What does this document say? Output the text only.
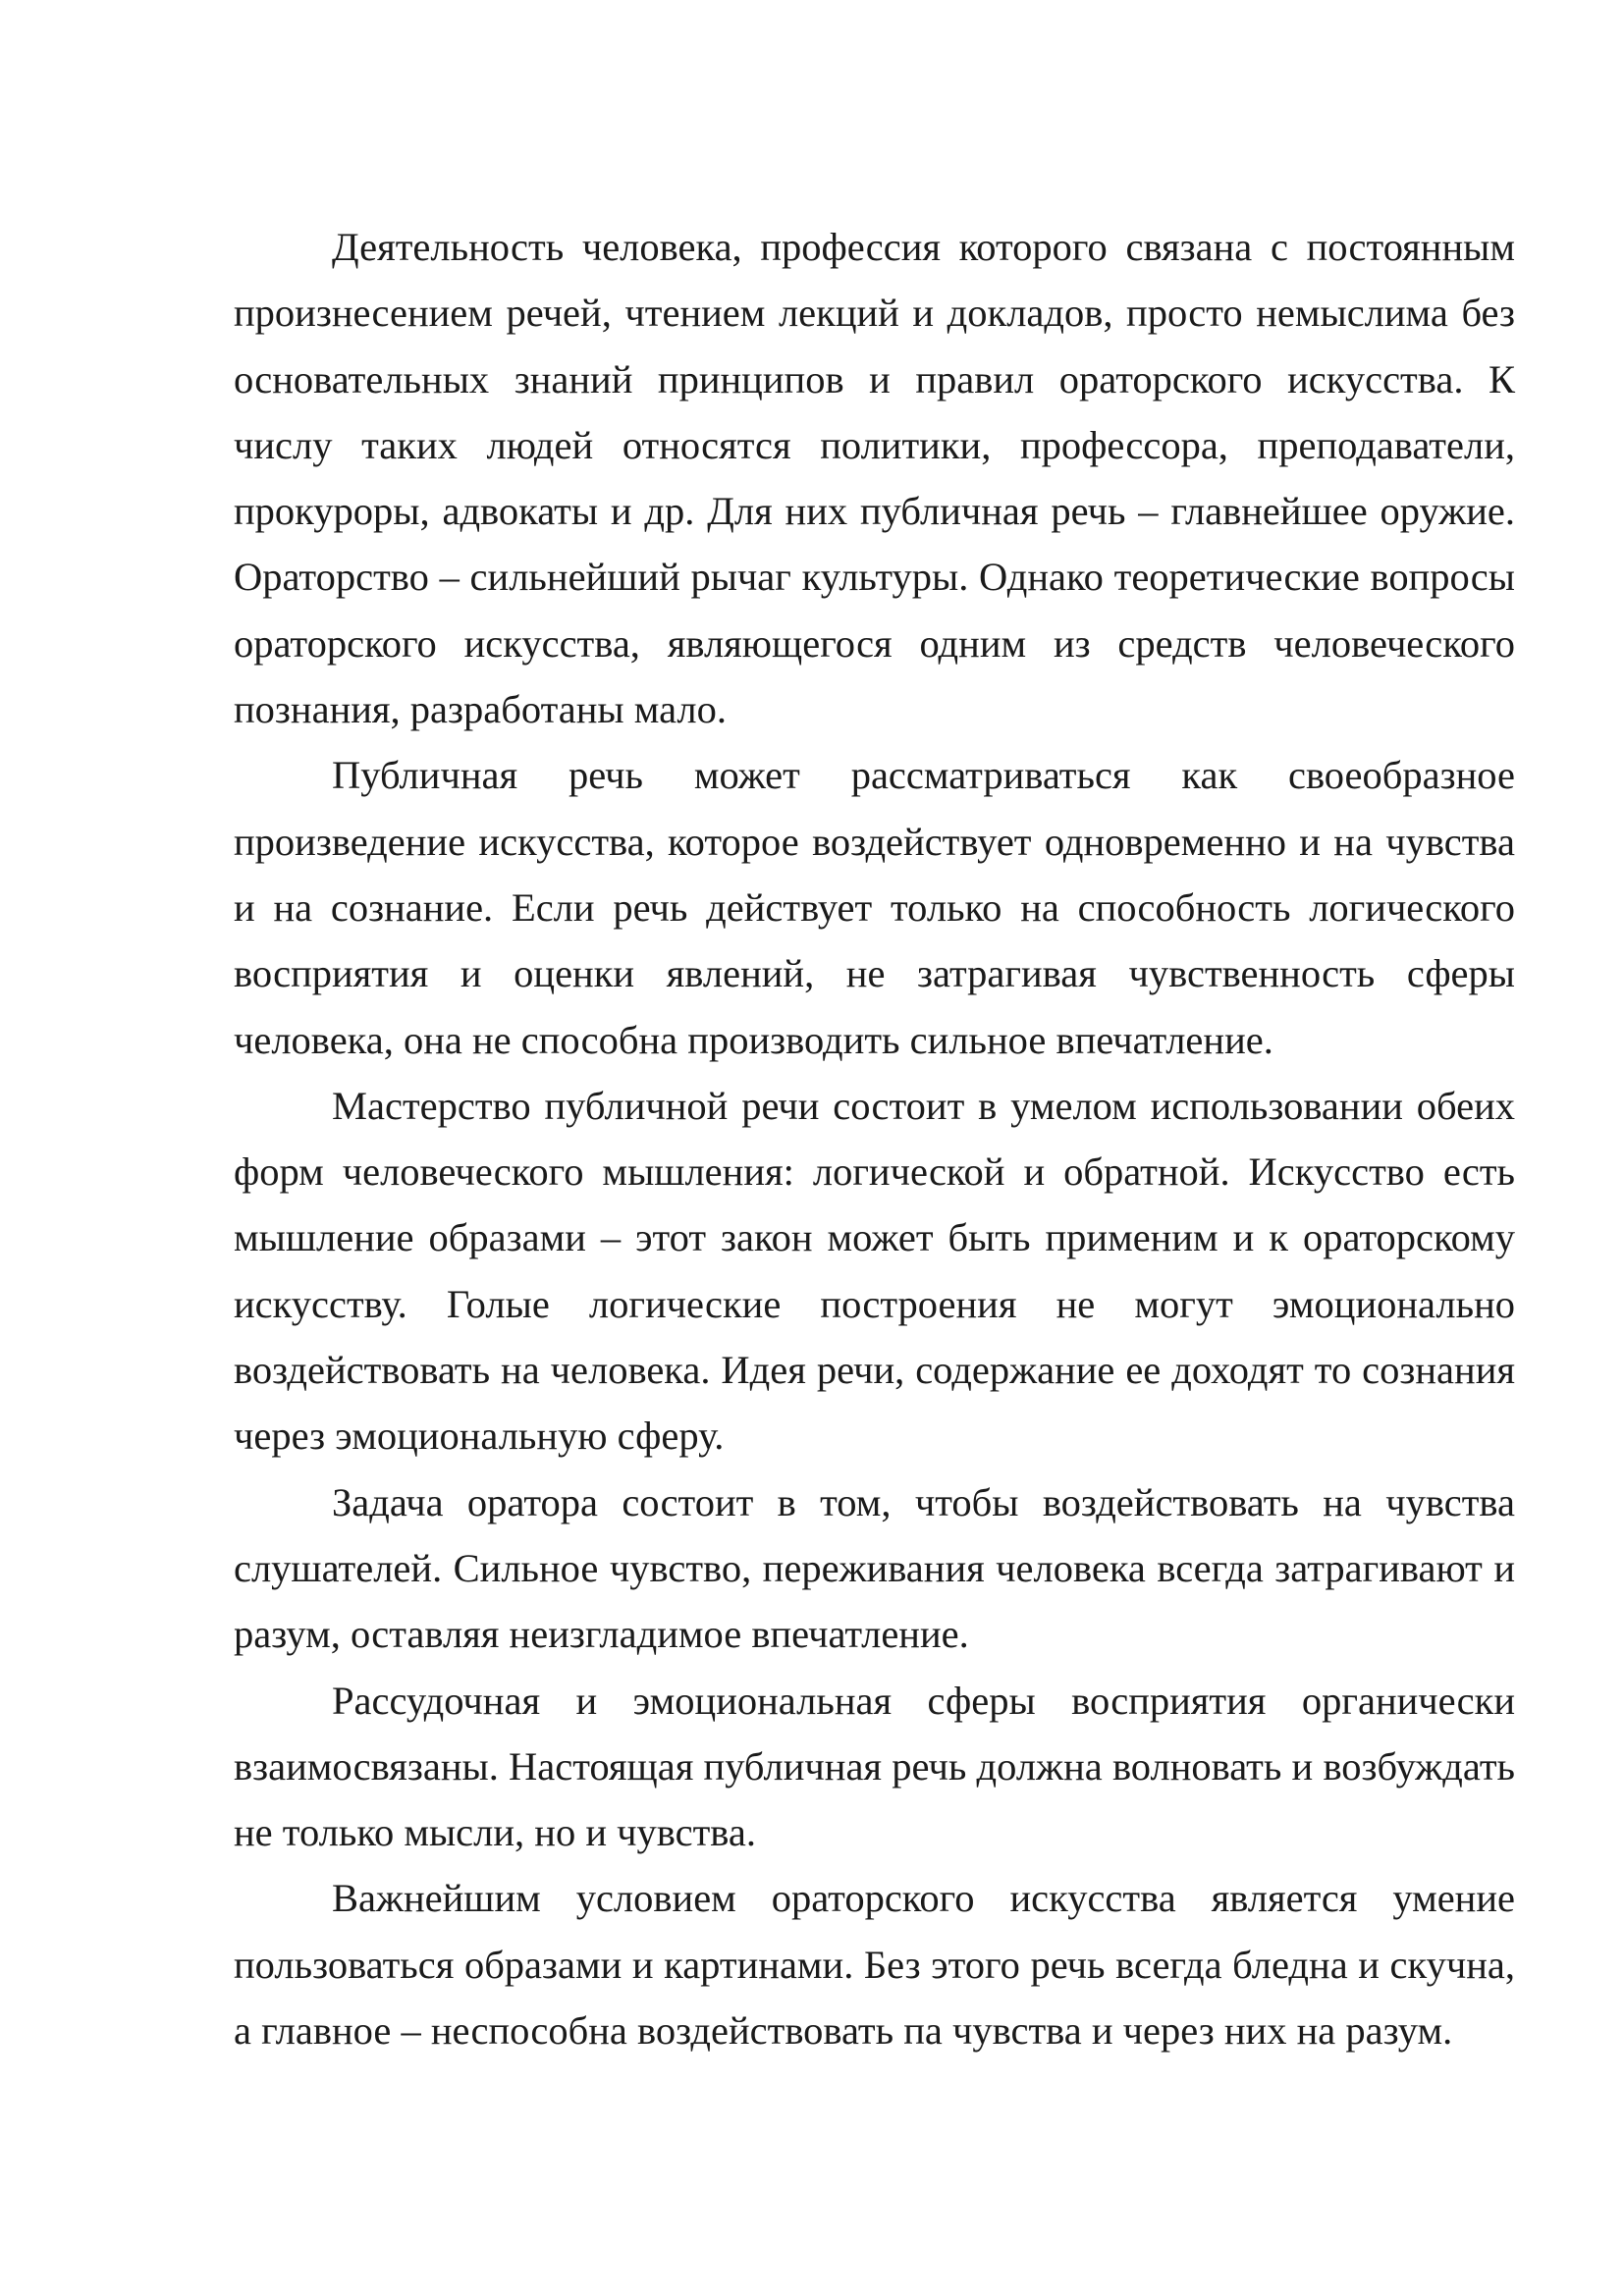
Деятельность человека, профессия которого связана с постоянным произнесением речей, чтением лекций и докладов, просто немыслима без основательных знаний принципов и правил ораторского искусства. К числу таких людей относятся политики, профессора, преподаватели, прокуроры, адвокаты и др. Для них публичная речь – главнейшее оружие. Ораторство – сильнейший рычаг культуры. Однако теоретические вопросы ораторского искусства, являющегося одним из средств человеческого познания, разработаны мало.

Публичная речь может рассматриваться как своеобразное произведение искусства, которое воздействует одновременно и на чувства и на сознание. Если речь действует только на способность логического восприятия и оценки явлений, не затрагивая чувственность сферы человека, она не способна производить сильное впечатление.

Мастерство публичной речи состоит в умелом использовании обеих форм человеческого мышления: логической и обратной. Искусство есть мышление образами – этот закон может быть применим и к ораторскому искусству. Голые логические построения не могут эмоционально воздействовать на человека. Идея речи, содержание ее доходят то сознания через эмоциональную сферу.

Задача оратора состоит в том, чтобы воздействовать на чувства слушателей. Сильное чувство, переживания человека всегда затрагивают и разум, оставляя неизгладимое впечатление.

Рассудочная и эмоциональная сферы восприятия органически взаимосвязаны. Настоящая публичная речь должна волновать и возбуждать не только мысли, но и чувства.

Важнейшим условием ораторского искусства является умение пользоваться образами и картинами. Без этого речь всегда бледна и скучна, а главное – неспособна воздействовать па чувства и через них на разум.
